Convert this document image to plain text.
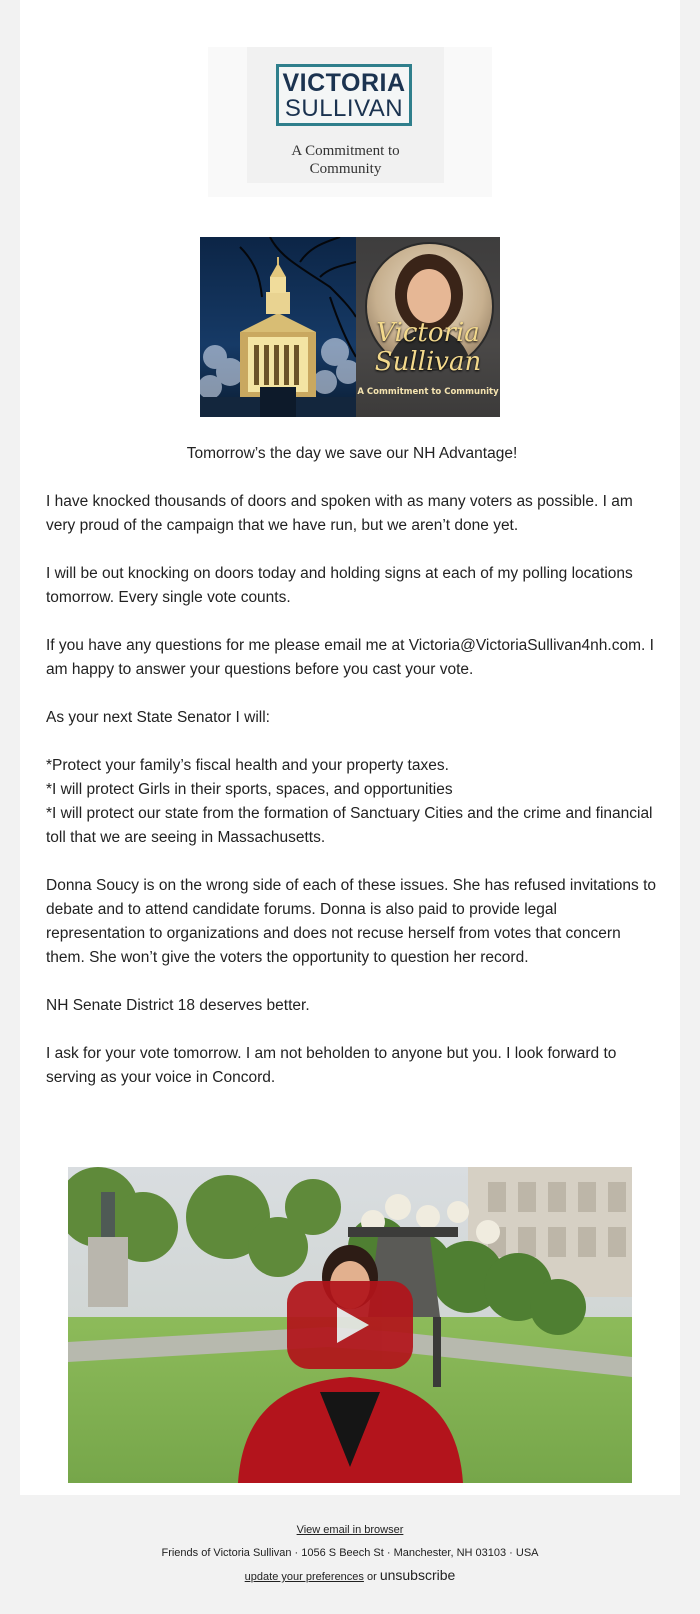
VICTORIA
SULLIVAN
A Commitment to
Community
Victoria
Sullivan
A Commitment to Community

Tomorrow’s the day we save our NH Advantage!

I have knocked thousands of doors and spoken with as many voters as possible. I am very proud of the campaign that we have run, but we aren’t done yet.

I will be out knocking on doors today and holding signs at each of my polling locations tomorrow. Every single vote counts.

If you have any questions for me please email me at Victoria@VictoriaSullivan4nh.com. I am happy to answer your questions before you cast your vote.

As your next State Senator I will:

*Protect your family’s fiscal health and your property taxes.
*I will protect Girls in their sports, spaces, and opportunities
*I will protect our state from the formation of Sanctuary Cities and the crime and financial toll that we are seeing in Massachusetts.

Donna Soucy is on the wrong side of each of these issues. She has refused invitations to debate and to attend candidate forums. Donna is also paid to provide legal representation to organizations and does not recuse herself from votes that concern them. She won’t give the voters the opportunity to question her record.

NH Senate District 18 deserves better.

I ask for your vote tomorrow. I am not beholden to anyone but you. I look forward to serving as your voice in Concord.

View email in browser
Friends of Victoria Sullivan · 1056 S Beech St · Manchester, NH 03103 · USA
update your preferences or unsubscribe
